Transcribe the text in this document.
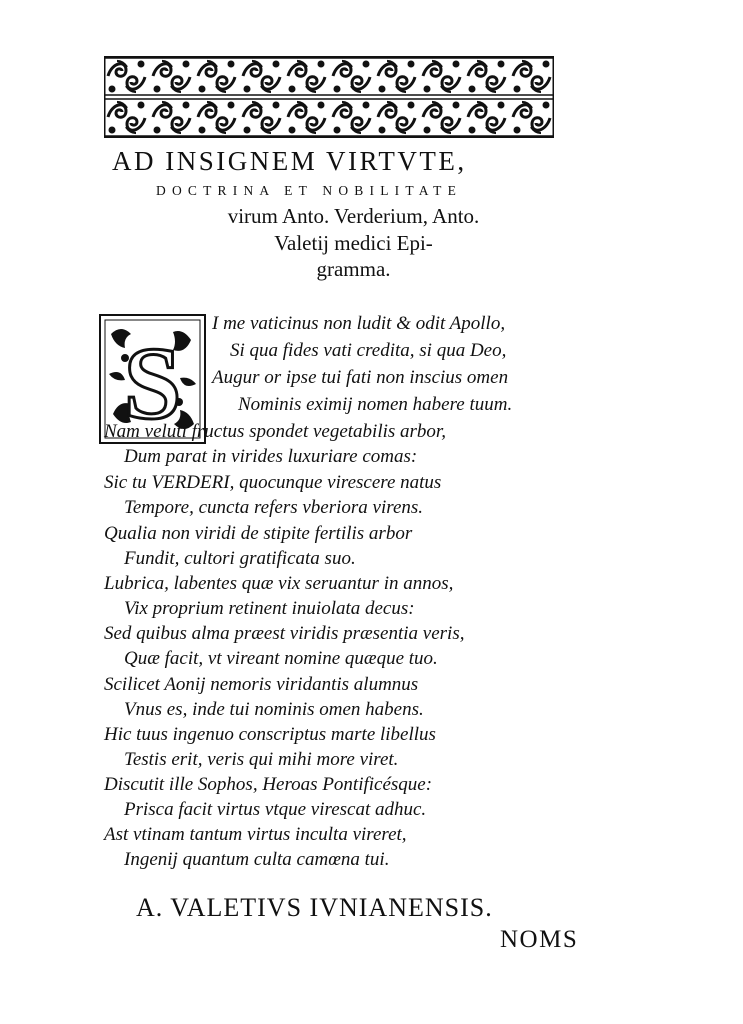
AD INSIGNEM VIRTVTE,
DOCTRINA ET NOBILITATE
virum Anto. Verderium, Anto.
Valetij medici Epi-
gramma.
S
I me vaticinus non ludit & odit Apollo,
Si qua fides vati credita, si qua Deo,
Augur or ipse tui fati non inscius omen
Nominis eximij nomen habere tuum.
Nam veluti fructus spondet vegetabilis arbor,
Dum parat in virides luxuriare comas:
Sic tu VERDERI, quocunque virescere natus
Tempore, cuncta refers vberiora virens.
Qualia non viridi de stipite fertilis arbor
Fundit, cultori gratificata suo.
Lubrica, labentes quæ vix seruantur in annos,
Vix proprium retinent inuiolata decus:
Sed quibus alma præest viridis præsentia veris,
Quæ facit, vt vireant nomine quæque tuo.
Scilicet Aonij nemoris viridantis alumnus
Vnus es, inde tui nominis omen habens.
Hic tuus ingenuo conscriptus marte libellus
Testis erit, veris qui mihi more viret.
Discutit ille Sophos, Heroas Pontificésque:
Prisca facit virtus vtque virescat adhuc.
Ast vtinam tantum virtus inculta vireret,
Ingenij quantum culta camœna tui.
A. VALETIVS IVNIANENSIS.
NOMS
